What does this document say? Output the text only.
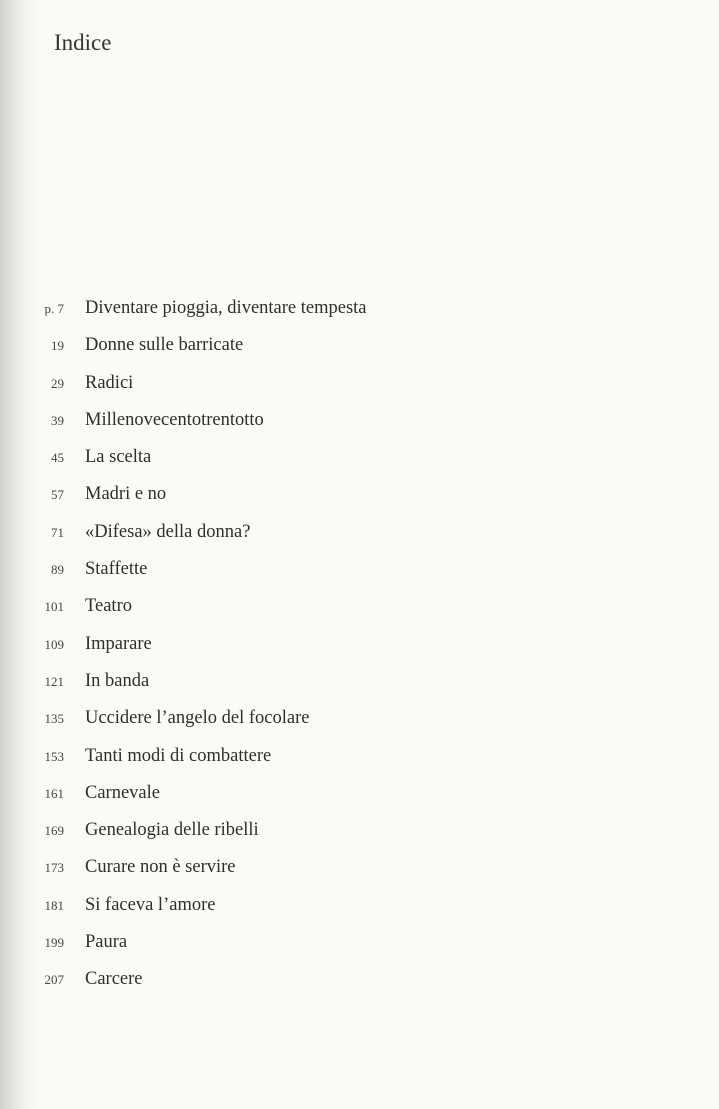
Indice
p. 7 Diventare pioggia, diventare tempesta
19 Donne sulle barricate
29 Radici
39 Millenovecentotrentotto
45 La scelta
57 Madri e no
71 «Difesa» della donna?
89 Staffette
101 Teatro
109 Imparare
121 In banda
135 Uccidere l’angelo del focolare
153 Tanti modi di combattere
161 Carnevale
169 Genealogia delle ribelli
173 Curare non è servire
181 Si faceva l’amore
199 Paura
207 Carcere
